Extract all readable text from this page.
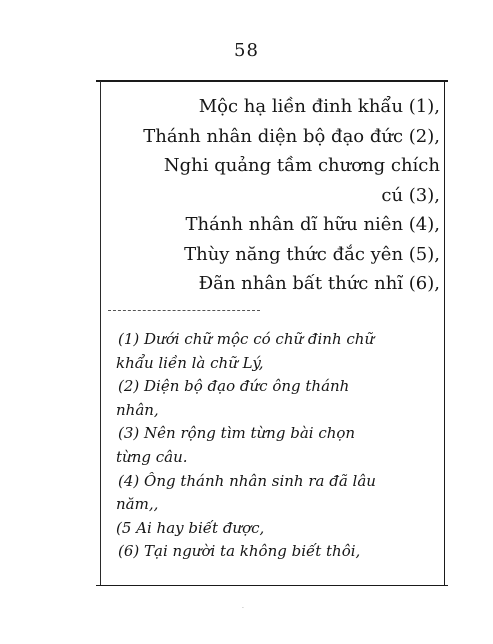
58
Mộc hạ liền đinh khẩu (1),
Thánh nhân diện bộ đạo đức (2),
Nghi quảng tầm chương chích
cú (3),
Thánh nhân dĩ hữu niên (4),
Thùy năng thức đắc yên (5),
Đãn nhân bất thức nhĩ (6),
(1) Dưới chữ mộc có chữ đinh chữ
khẩu liền là chữ Lý,
(2) Diện bộ đạo đức ông thánh
nhân,
(3) Nên rộng tìm từng bài chọn
từng câu.
(4) Ông thánh nhân sinh ra đã lâu
năm,,
(5 Ai hay biết được,
(6) Tại người ta không biết thôi,
·
